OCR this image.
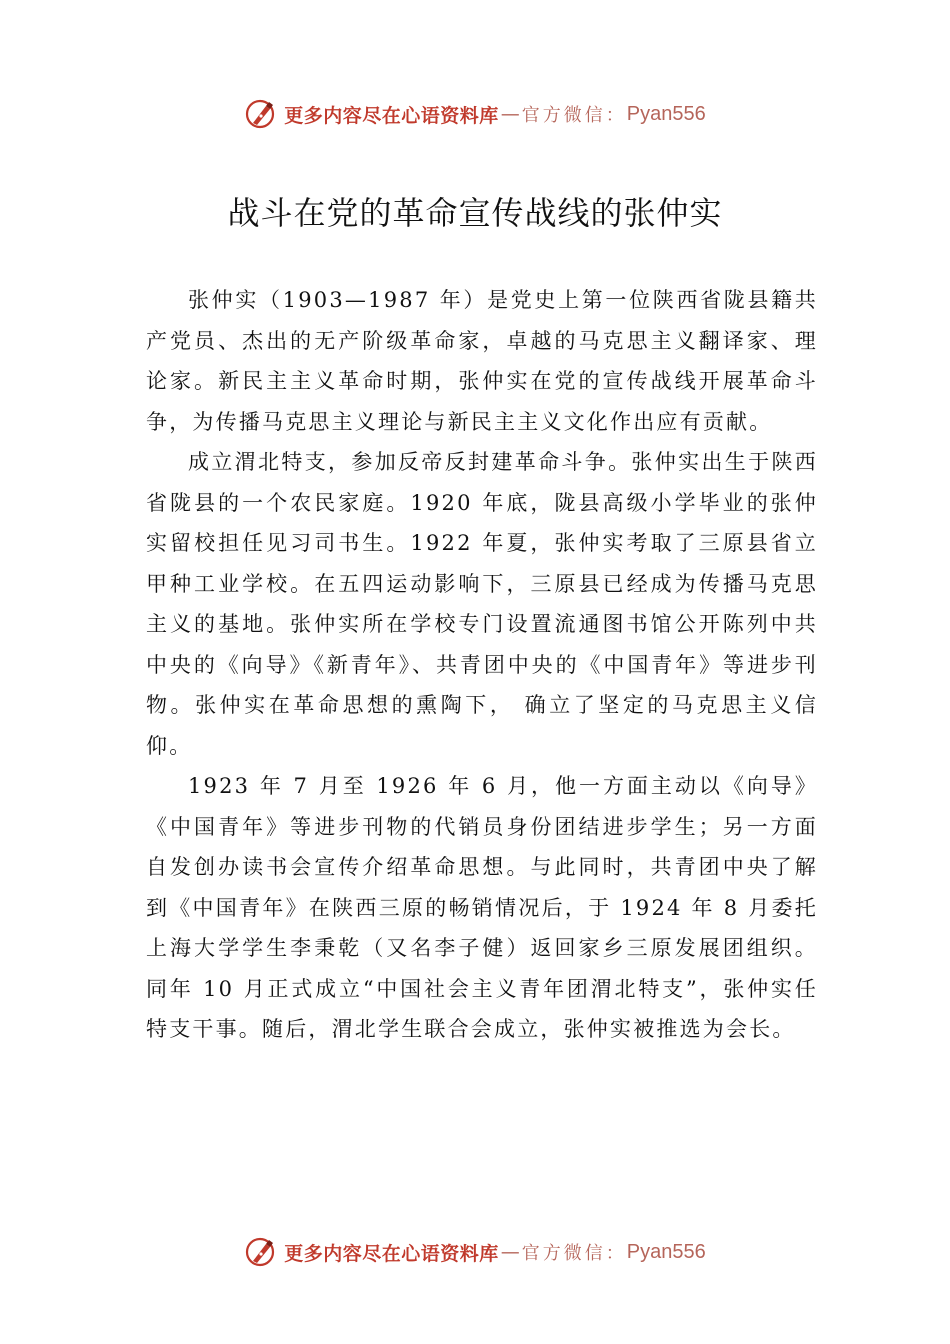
更多内容尽在心语资料库 — 官方微信： Pyan556
战斗在党的革命宣传战线的张仲实

张仲实（1903—1987 年）是党史上第一位陕西省陇县籍共产党员、杰出的无产阶级革命家，卓越的马克思主义翻译家、理论家。新民主主义革命时期，张仲实在党的宣传战线开展革命斗争，为传播马克思主义理论与新民主主义文化作出应有贡献。

成立渭北特支，参加反帝反封建革命斗争。张仲实出生于陕西省陇县的一个农民家庭。1920 年底，陇县高级小学毕业的张仲实留校担任见习司书生。1922 年夏，张仲实考取了三原县省立甲种工业学校。在五四运动影响下，三原县已经成为传播马克思主义的基地。张仲实所在学校专门设置流通图书馆公开陈列中共中央的《向导》《新青年》、共青团中央的《中国青年》等进步刊物。张仲实在革命思想的熏陶下， 确立了坚定的马克思主义信仰。

1923 年 7 月至 1926 年 6 月，他一方面主动以《向导》《中国青年》等进步刊物的代销员身份团结进步学生；另一方面自发创办读书会宣传介绍革命思想。与此同时，共青团中央了解到《中国青年》在陕西三原的畅销情况后，于 1924 年 8 月委托上海大学学生李秉乾（又名李子健）返回家乡三原发展团组织。同年 10 月正式成立“中国社会主义青年团渭北特支”，张仲实任特支干事。随后，渭北学生联合会成立，张仲实被推选为会长。

更多内容尽在心语资料库 — 官方微信： Pyan556
